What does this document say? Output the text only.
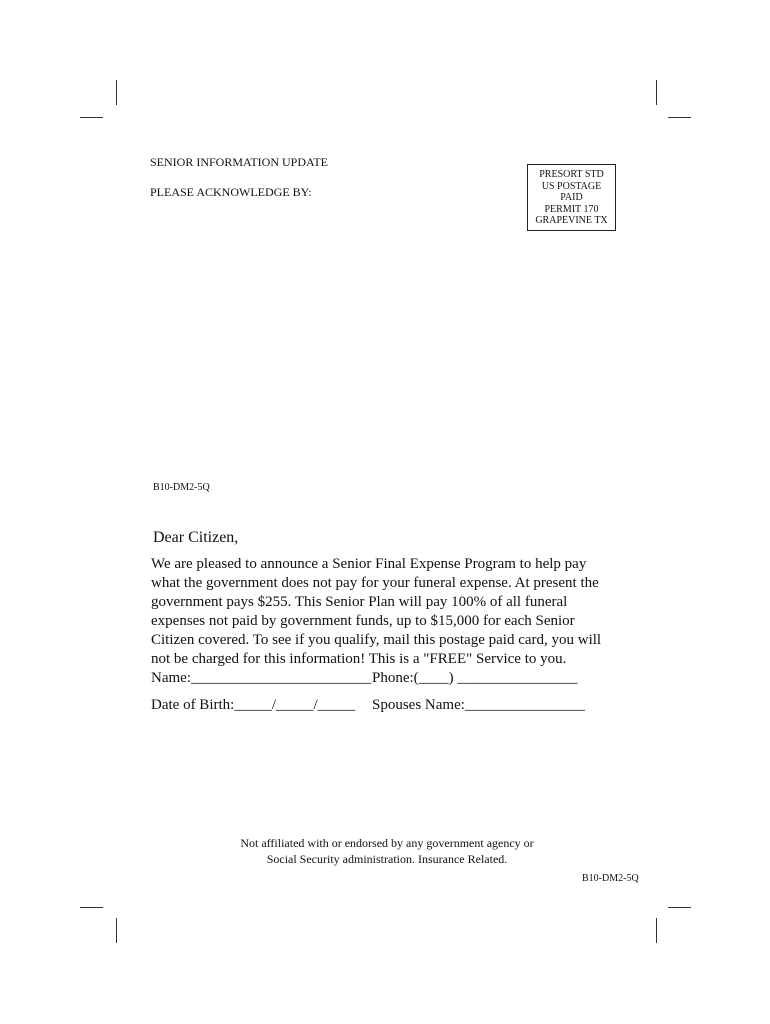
SENIOR INFORMATION UPDATE
PLEASE ACKNOWLEDGE BY:
PRESORT STD
US POSTAGE
PAID
PERMIT 170
GRAPEVINE TX
B10-DM2-5Q
Dear Citizen,
We are pleased to announce a Senior Final Expense Program to help pay
what the government does not pay for your funeral expense. At present the
government pays $255. This Senior Plan will pay 100% of all funeral
expenses not paid by government funds, up to $15,000 for each Senior
Citizen covered. To see if you qualify, mail this postage paid card, you will
not be charged for this information! This is a "FREE" Service to you.
Name:________________________ Phone:(____) ________________
Date of Birth:_____/_____/_____ Spouses Name:________________
Not affiliated with or endorsed by any government agency or
Social Security administration. Insurance Related.
B10-DM2-5Q
